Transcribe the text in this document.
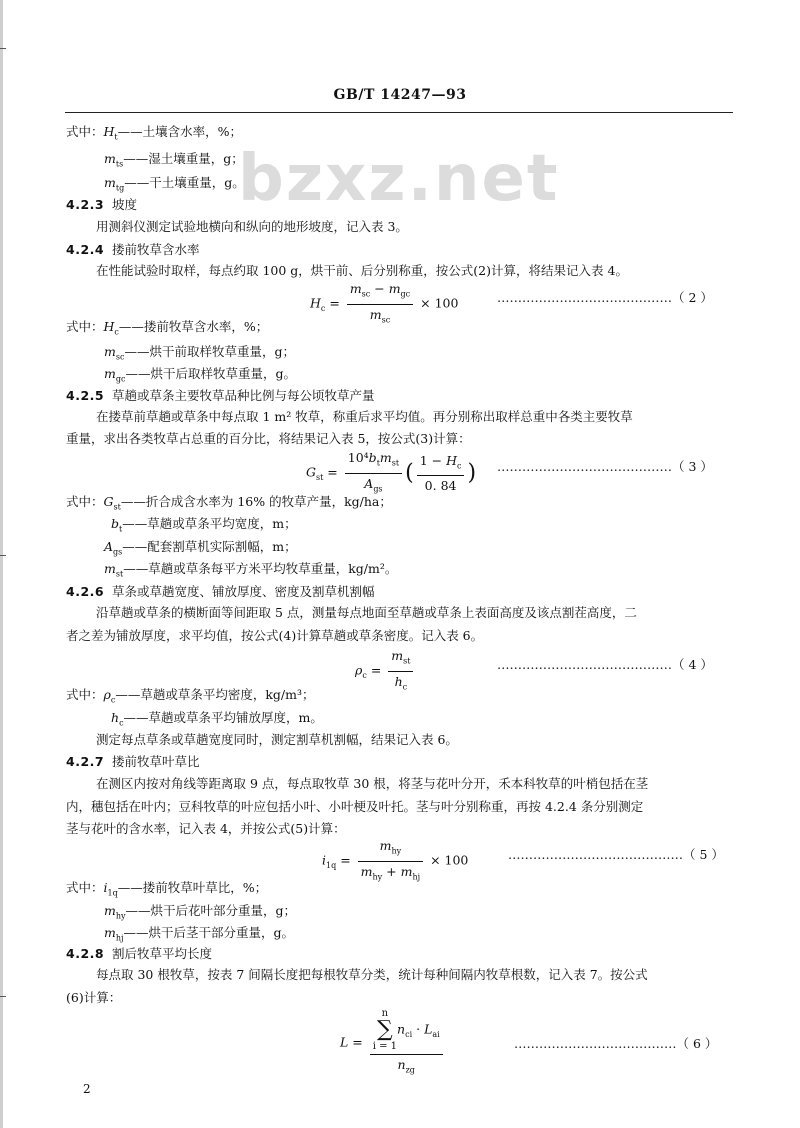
GB/T 14247—93
bzxz.net
式中：$H_t——$土壤含水率，%；
$m_{ts}——$湿土壤重量，g；
$m_{tg}——$干土壤重量，g。
4.2.3 坡度
用测斜仪测定试验地横向和纵向的地形坡度，记入表 3。
4.2.4 搂前牧草含水率
在性能试验时取样，每点约取 100 g，烘干前、后分别称重，按公式(2)计算，将结果记入表 4。
$H_c = \frac{m_{sc} - m_{gc}}{m_{sc}} \times 100$	……………………………………（ 2 ）
式中：$H_c——$搂前牧草含水率，%；
$m_{sc}——$烘干前取样牧草重量，g；
$m_{gc}——$烘干后取样牧草重量，g。
4.2.5 草趟或草条主要牧草品种比例与每公顷牧草产量
在搂草前草趟或草条中每点取 1 m² 牧草，称重后求平均值。再分别称出取样总重中各类主要牧草
重量，求出各类牧草占总重的百分比，将结果记入表 5，按公式(3)计算：
$G_{st} = \frac{10^4b_tm_{st}}{A_{gs}}$ ( $\frac{1 - H_c}{0. 84}$ ) ……………………………………（ 3 ）
式中：$G_{st}——$折合成含水率为 16% 的牧草产量，kg/ha；
$b_t——$草趟或草条平均宽度，m；
$A_{gs}——$配套割草机实际割幅，m；
$m_{st}——$草趟或草条每平方米平均牧草重量，kg/m²。
4.2.6 草条或草趟宽度、铺放厚度、密度及割草机割幅
沿草趟或草条的横断面等间距取 5 点，测量每点地面至草趟或草条上表面高度及该点割茬高度，二
者之差为铺放厚度，求平均值，按公式(4)计算草趟或草条密度。记入表 6。
$\rho_c = \frac{m_{st}}{h_c}$	……………………………………（ 4 ）
式中：$\rho_c——$草趟或草条平均密度，kg/m³；
$h_c——$草趟或草条平均铺放厚度，m。
测定每点草条或草趟宽度同时，测定割草机割幅，结果记入表 6。
4.2.7 搂前牧草叶草比
在测区内按对角线等距离取 9 点，每点取牧草 30 根，将茎与花叶分开，禾本科牧草的叶梢包括在茎
内，穗包括在叶内；豆科牧草的叶应包括小叶、小叶梗及叶托。茎与叶分别称重，再按 4.2.4 条分别测定
茎与花叶的含水率，记入表 4，并按公式(5)计算：
$i_{1q} = \frac{m_{hy}}{m_{hy} + m_{hj}} \times 100$	……………………………………（ 5 ）
式中：$i_{1q}——$搂前牧草叶草比，%；
$m_{hy}——$烘干后花叶部分重量，g；
$m_{hj}——$烘干后茎干部分重量，g。
4.2.8 割后牧草平均长度
每点取 30 根牧草，按表 7 间隔长度把每根牧草分类，统计每种间隔内牧草根数，记入表 7。按公式
(6)计算：
L = n
∑
$i = 1n_{ci} \cdot L_{ai}$
$n_{zg}$	…………………………………（ 6 ）
2
